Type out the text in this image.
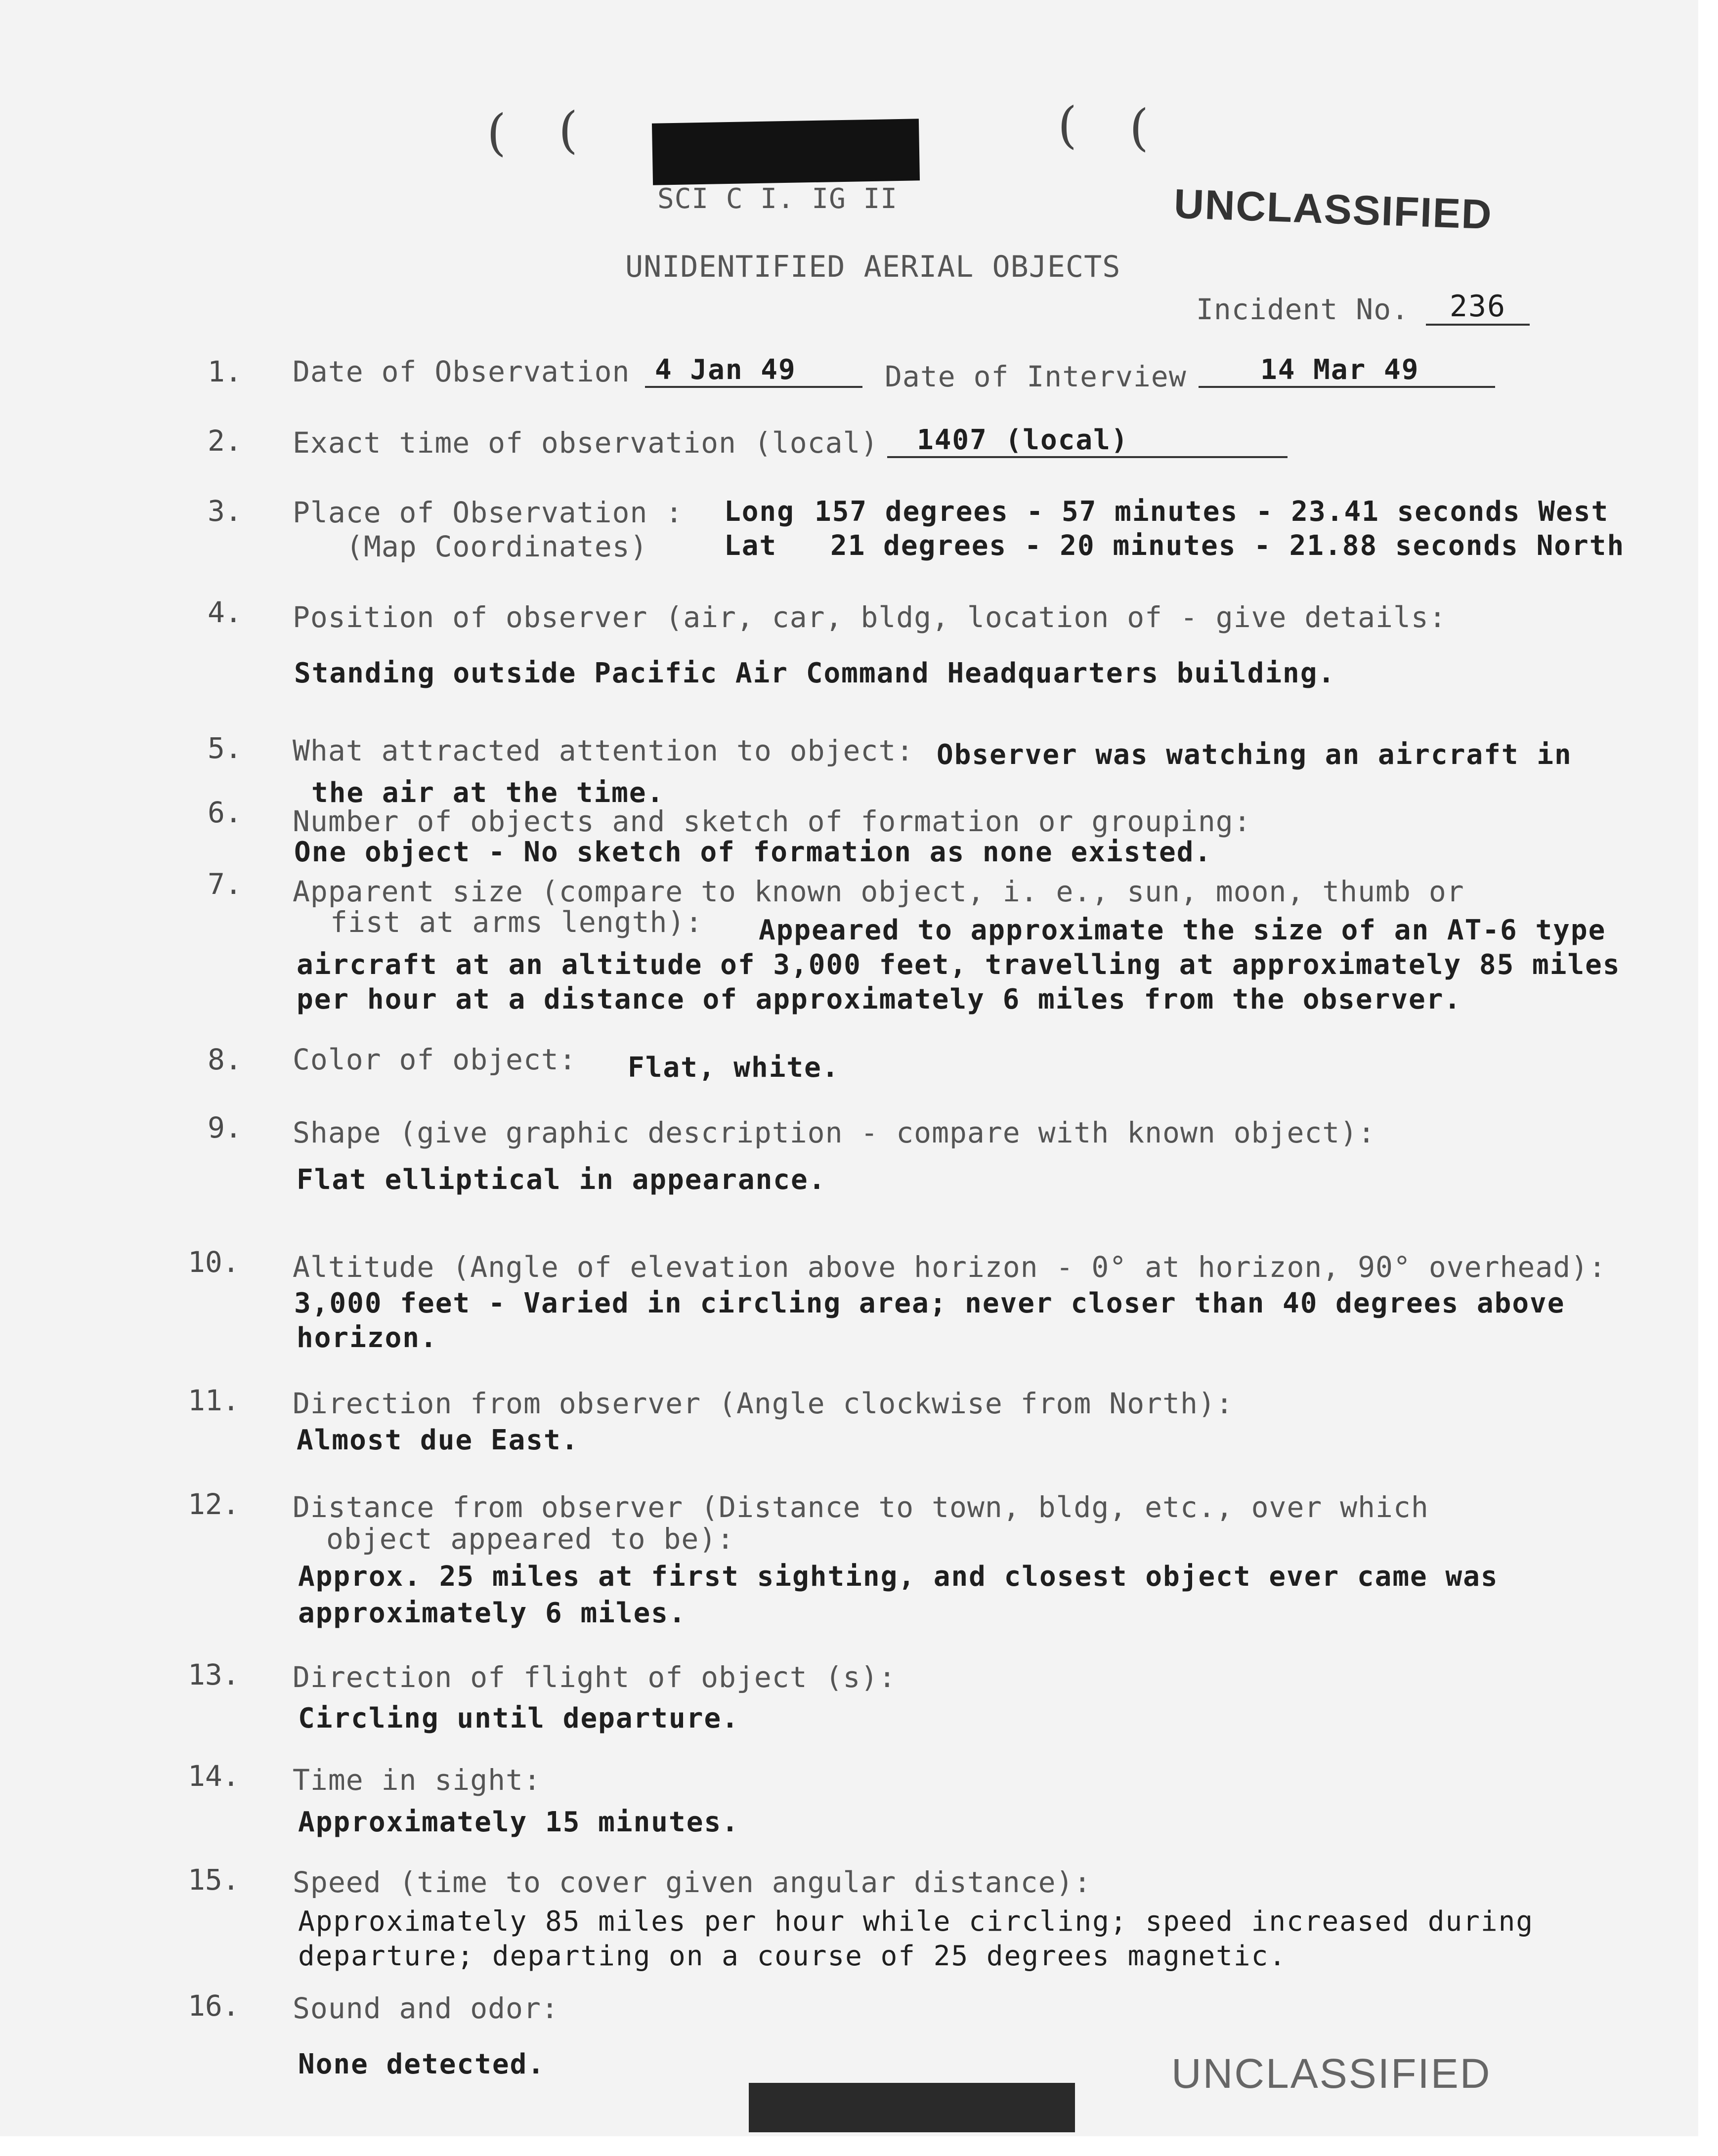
( (	( (
SCI C I. IG II	UNCLASSIFIED
UNIDENTIFIED AERIAL OBJECTS
Incident No.	236
1. Date of Observation 4 Jan 49	Date of Interview	14 Mar 49
2. Exact time of observation (local)	1407 (local)
3. Place of Observation :
(Map Coordinates)
Long 157 degrees - 57 minutes - 23.41 seconds West
Lat 21 degrees - 20 minutes - 21.88 seconds North
4. Position of observer (air, car, bldg, location of - give details:
Standing outside Pacific Air Command Headquarters building.
5. What attracted attention to object: Observer was watching an aircraft in
the air at the time.
6. Number of objects and sketch of formation or grouping:
One object - No sketch of formation as none existed.
7. Apparent size (compare to known object, i. e., sun, moon, thumb or
fist at arms length): Appeared to approximate the size of an AT-6 type
aircraft at an altitude of 3,000 feet, travelling at approximately 85 miles
per hour at a distance of approximately 6 miles from the observer.
8. Color of object: Flat, white.
9. Shape (give graphic description - compare with known object):
Flat elliptical in appearance.
10. Altitude (Angle of elevation above horizon - 0° at horizon, 90° overhead):
3,000 feet - Varied in circling area; never closer than 40 degrees above
horizon.
11. Direction from observer (Angle clockwise from North):
Almost due East.
12. Distance from observer (Distance to town, bldg, etc., over which
object appeared to be):
Approx. 25 miles at first sighting, and closest object ever came was
approximately 6 miles.
13. Direction of flight of object (s):
Circling until departure.
14. Time in sight:
Approximately 15 minutes.
15. Speed (time to cover given angular distance):
Approximately 85 miles per hour while circling; speed increased during
departure; departing on a course of 25 degrees magnetic.
16. Sound and odor:
None detected.	UNCLASSIFIED
